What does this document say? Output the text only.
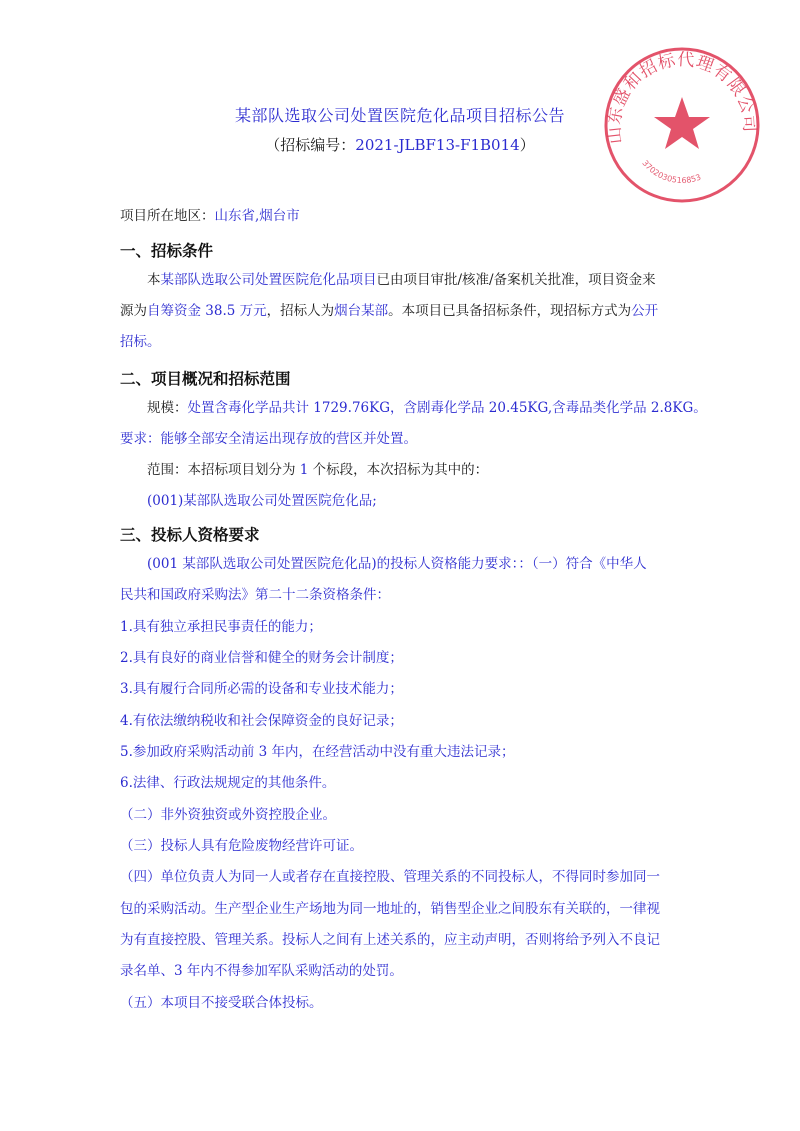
山东盛和招标代理有限公司
3702030516853
某部队选取公司处置医院危化品项目招标公告
（招标编号：2021-JLBF13-F1B014）
项目所在地区：山东省,烟台市
一、招标条件
本某部队选取公司处置医院危化品项目已由项目审批/核准/备案机关批准，项目资金来
源为自筹资金 38.5 万元，招标人为烟台某部。本项目已具备招标条件，现招标方式为公开
招标。
二、项目概况和招标范围
规模：处置含毒化学品共计 1729.76KG，含剧毒化学品 20.45KG,含毒品类化学品 2.8KG。
要求：能够全部安全清运出现存放的营区并处置。
范围：本招标项目划分为 1 个标段，本次招标为其中的：
(001)某部队选取公司处置医院危化品;
三、投标人资格要求
(001 某部队选取公司处置医院危化品)的投标人资格能力要求：：（一）符合《中华人
民共和国政府采购法》第二十二条资格条件：
1.具有独立承担民事责任的能力；
2.具有良好的商业信誉和健全的财务会计制度；
3.具有履行合同所必需的设备和专业技术能力；
4.有依法缴纳税收和社会保障资金的良好记录；
5.参加政府采购活动前 3 年内，在经营活动中没有重大违法记录；
6.法律、行政法规规定的其他条件。
（二）非外资独资或外资控股企业。
（三）投标人具有危险废物经营许可证。
（四）单位负责人为同一人或者存在直接控股、管理关系的不同投标人，不得同时参加同一
包的采购活动。生产型企业生产场地为同一地址的，销售型企业之间股东有关联的，一律视
为有直接控股、管理关系。投标人之间有上述关系的，应主动声明，否则将给予列入不良记
录名单、3 年内不得参加军队采购活动的处罚。
（五）本项目不接受联合体投标。
